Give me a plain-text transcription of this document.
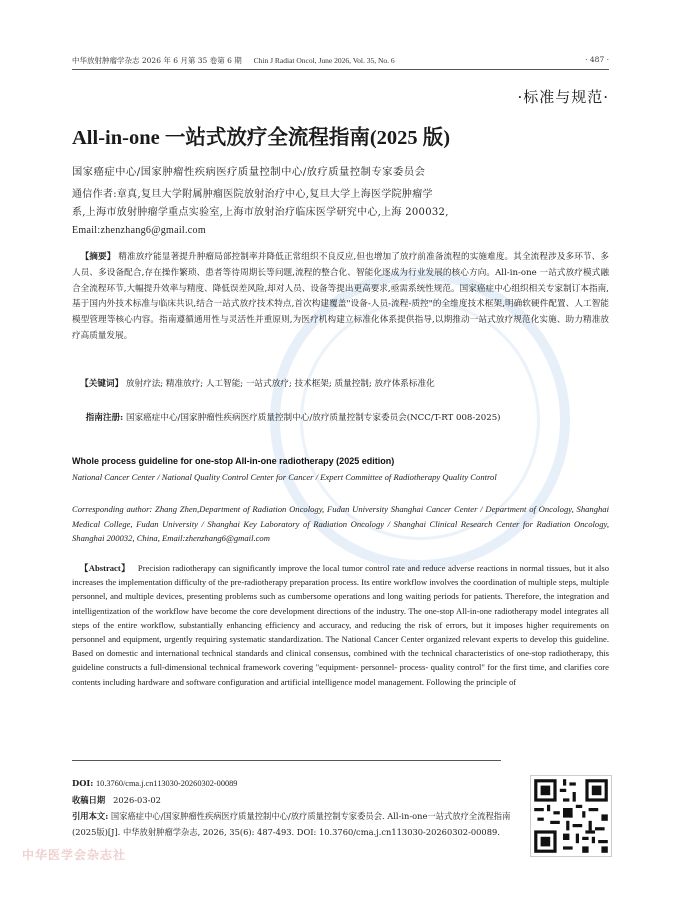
中华放射肿瘤学杂志 2026 年 6 月第 35 卷第 6 期 Chin J Radiat Oncol, June 2026, Vol. 35, No. 6	· 487 ·
·标准与规范·
All-in-one 一站式放疗全流程指南(2025 版)
国家癌症中心/国家肿瘤性疾病医疗质量控制中心/放疗质量控制专家委员会
通信作者:章真,复旦大学附属肿瘤医院放射治疗中心,复旦大学上海医学院肿瘤学
系,上海市放射肿瘤学重点实验室,上海市放射治疗临床医学研究中心,上海 200032,
Email:zhenzhang6@gmail.com
【摘要】 精准放疗能显著提升肿瘤局部控制率并降低正常组织不良反应,但也增加了放疗前准备流程的实施难度。其全流程涉及多环节、多人员、多设备配合,存在操作繁琐、患者等待周期长等问题,流程的整合化、智能化逐成为行业发展的核心方向。All-in-one 一站式放疗模式融合全流程环节,大幅提升效率与精度、降低误差风险,却对人员、设备等提出更高要求,亟需系统性规范。国家癌症中心组织相关专家制订本指南,基于国内外技术标准与临床共识,结合一站式放疗技术特点,首次构建覆盖"设备-人员-流程-质控"的全维度技术框架,明确软硬件配置、人工智能模型管理等核心内容。指南遵循通用性与灵活性并重原则,为医疗机构建立标准化体系提供指导,以期推动一站式放疗规范化实施、助力精准放疗高质量发展。
【关键词】 放射疗法; 精准放疗; 人工智能; 一站式放疗; 技术框架; 质量控制; 放疗体系标准化
指南注册: 国家癌症中心/国家肿瘤性疾病医疗质量控制中心/放疗质量控制专家委员会(NCC/T-RT 008-2025)
Whole process guideline for one-stop All-in-one radiotherapy (2025 edition)
National Cancer Center / National Quality Control Center for Cancer / Expert Committee of Radiotherapy Quality Control
Corresponding author: Zhang Zhen,Department of Radiation Oncology, Fudan University Shanghai Cancer Center / Department of Oncology, Shanghai Medical College, Fudan University / Shanghai Key Laboratory of Radiation Oncology / Shanghai Clinical Research Center for Radiation Oncology, Shanghai 200032, China, Email:zhenzhang6@gmail.com
【Abstract】 Precision radiotherapy can significantly improve the local tumor control rate and reduce adverse reactions in normal tissues, but it also increases the implementation difficulty of the pre-radiotherapy preparation process. Its entire workflow involves the coordination of multiple steps, multiple personnel, and multiple devices, presenting problems such as cumbersome operations and long waiting periods for patients. Therefore, the integration and intelligentization of the workflow have become the core development directions of the industry. The one-stop All-in-one radiotherapy model integrates all steps of the entire workflow, substantially enhancing efficiency and accuracy, and reducing the risk of errors, but it imposes higher requirements on personnel and equipment, urgently requiring systematic standardization. The National Cancer Center organized relevant experts to develop this guideline. Based on domestic and international technical standards and clinical consensus, combined with the technical characteristics of one-stop radiotherapy, this guideline constructs a full-dimensional technical framework covering "equipment- personnel- process- quality control" for the first time, and clarifies core contents including hardware and software configuration and artificial intelligence model management. Following the principle of
DOI: 10.3760/cma.j.cn113030-20260302-00089
收稿日期 2026-03-02
引用本文: 国家癌症中心/国家肿瘤性疾病医疗质量控制中心/放疗质量控制专家委员会. All-in-one一站式放疗全流程指南(2025版)[J]. 中华放射肿瘤学杂志, 2026, 35(6): 487-493. DOI: 10.3760/cma.j.cn113030-20260302-00089.
中华医学会杂志社
